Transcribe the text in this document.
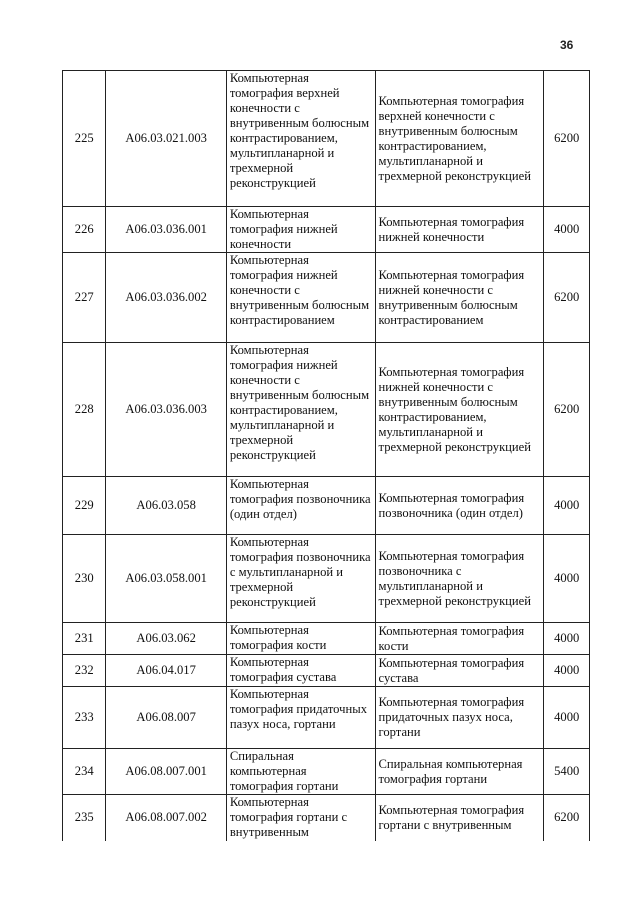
36
225	A06.03.021.003	Компьютерная томография верхней конечности с внутривенным болюсным контрастированием, мультипланарной и трехмерной реконструкцией	Компьютерная томография верхней конечности с внутривенным болюсным контрастированием, мультипланарной и трехмерной реконструкцией	6200
226	A06.03.036.001	Компьютерная томография нижней конечности	Компьютерная томография нижней конечности	4000
227	A06.03.036.002	Компьютерная томография нижней конечности с внутривенным болюсным контрастированием	Компьютерная томография нижней конечности с внутривенным болюсным контрастированием	6200
228	A06.03.036.003	Компьютерная томография нижней конечности с внутривенным болюсным контрастированием, мультипланарной и трехмерной реконструкцией	Компьютерная томография нижней конечности с внутривенным болюсным контрастированием, мультипланарной и трехмерной реконструкцией	6200
229	A06.03.058	Компьютерная томография позвоночника (один отдел)	Компьютерная томография позвоночника (один отдел)	4000
230	A06.03.058.001	Компьютерная томография позвоночника с мультипланарной и трехмерной реконструкцией	Компьютерная томография позвоночника с мультипланарной и трехмерной реконструкцией	4000
231	A06.03.062	Компьютерная томография кости	Компьютерная томография кости	4000
232	A06.04.017	Компьютерная томография сустава	Компьютерная томография сустава	4000
233	A06.08.007	Компьютерная томография придаточных пазух носа, гортани	Компьютерная томография придаточных пазух носа, гортани	4000
234	A06.08.007.001	Спиральная компьютерная томография гортани	Спиральная компьютерная томография гортани	5400
235	A06.08.007.002	Компьютерная томография гортани с внутривенным	Компьютерная томография гортани с внутривенным	6200
